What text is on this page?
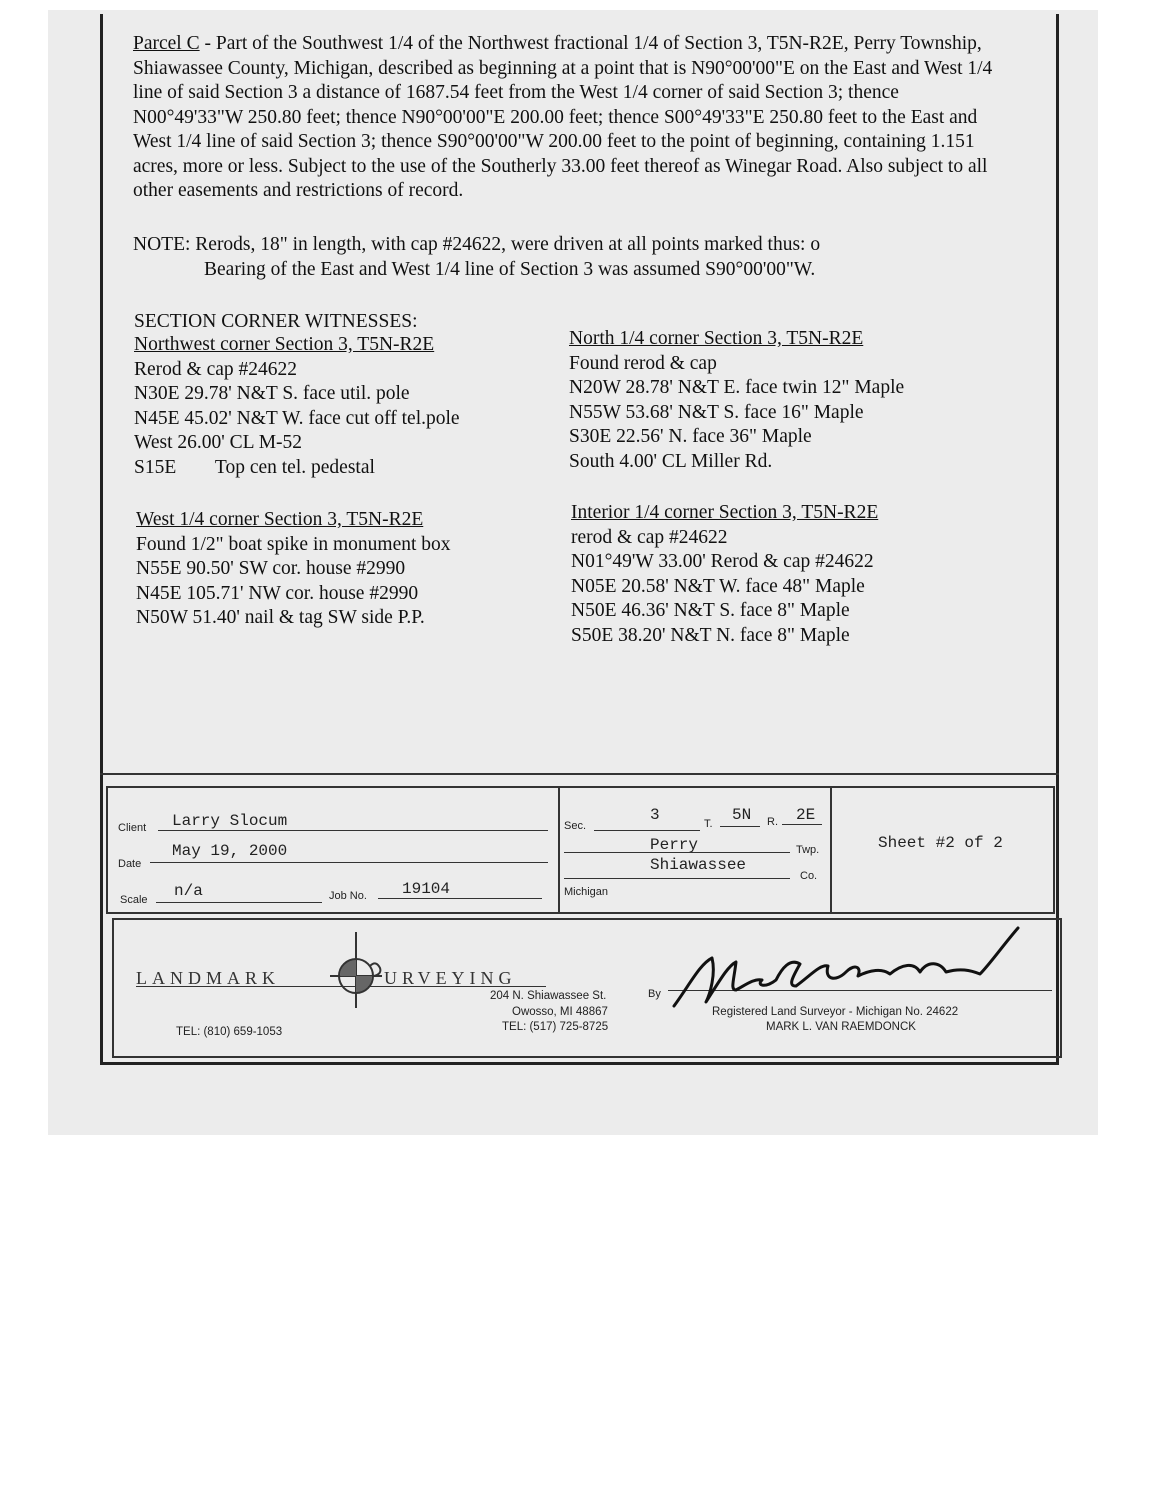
Parcel C - Part of the Southwest 1/4 of the Northwest fractional 1/4 of Section 3, T5N-R2E, Perry Township, Shiawassee County, Michigan, described as beginning at a point that is N90°00'00"E on the East and West 1/4 line of said Section 3 a distance of 1687.54 feet from the West 1/4 corner of said Section 3; thence N00°49'33"W 250.80 feet; thence N90°00'00"E 200.00 feet; thence S00°49'33"E 250.80 feet to the East and West 1/4 line of said Section 3; thence S90°00'00"W 200.00 feet to the point of beginning, containing 1.151 acres, more or less. Subject to the use of the Southerly 33.00 feet thereof as Winegar Road. Also subject to all other easements and restrictions of record.
NOTE: Rerods, 18" in length, with cap #24622, were driven at all points marked thus: o
Bearing of the East and West 1/4 line of Section 3 was assumed S90°00'00"W.
SECTION CORNER WITNESSES:
Northwest corner Section 3, T5N-R2E
Rerod & cap #24622
N30E 29.78' N&T S. face util. pole
N45E 45.02' N&T W. face cut off tel.pole
West 26.00' CL M-52
S15E        Top cen tel. pedestal
North 1/4 corner Section 3, T5N-R2E
Found rerod & cap
N20W 28.78' N&T E. face twin 12" Maple
N55W 53.68' N&T S. face 16" Maple
S30E 22.56' N. face 36" Maple
South 4.00' CL Miller Rd.
West 1/4 corner Section 3, T5N-R2E
Found 1/2" boat spike in monument box
N55E 90.50' SW cor. house #2990
N45E 105.71' NW cor. house #2990
N50W 51.40' nail & tag SW side P.P.
Interior 1/4 corner Section 3, T5N-R2E
rerod & cap #24622
N01°49'W 33.00' Rerod & cap #24622
N05E 20.58' N&T W. face 48" Maple
N50E 46.36' N&T S. face 8" Maple
S50E 38.20' N&T N. face 8" Maple
Client Larry Slocum
Date
May 19, 2000
Scale n/a	Job No. 19104
Sec.
3	T. 5N R. 2E
Perry	Twp.
Shiawassee
Co.
Michigan
Sheet #2 of 2
LANDMARK	URVEYING
204 N. Shiawassee St.
Owosso, MI 48867
TEL: (517) 725-8725
TEL: (810) 659-1053
By
Registered Land Surveyor - Michigan No. 24622
MARK L. VAN RAEMDONCK
